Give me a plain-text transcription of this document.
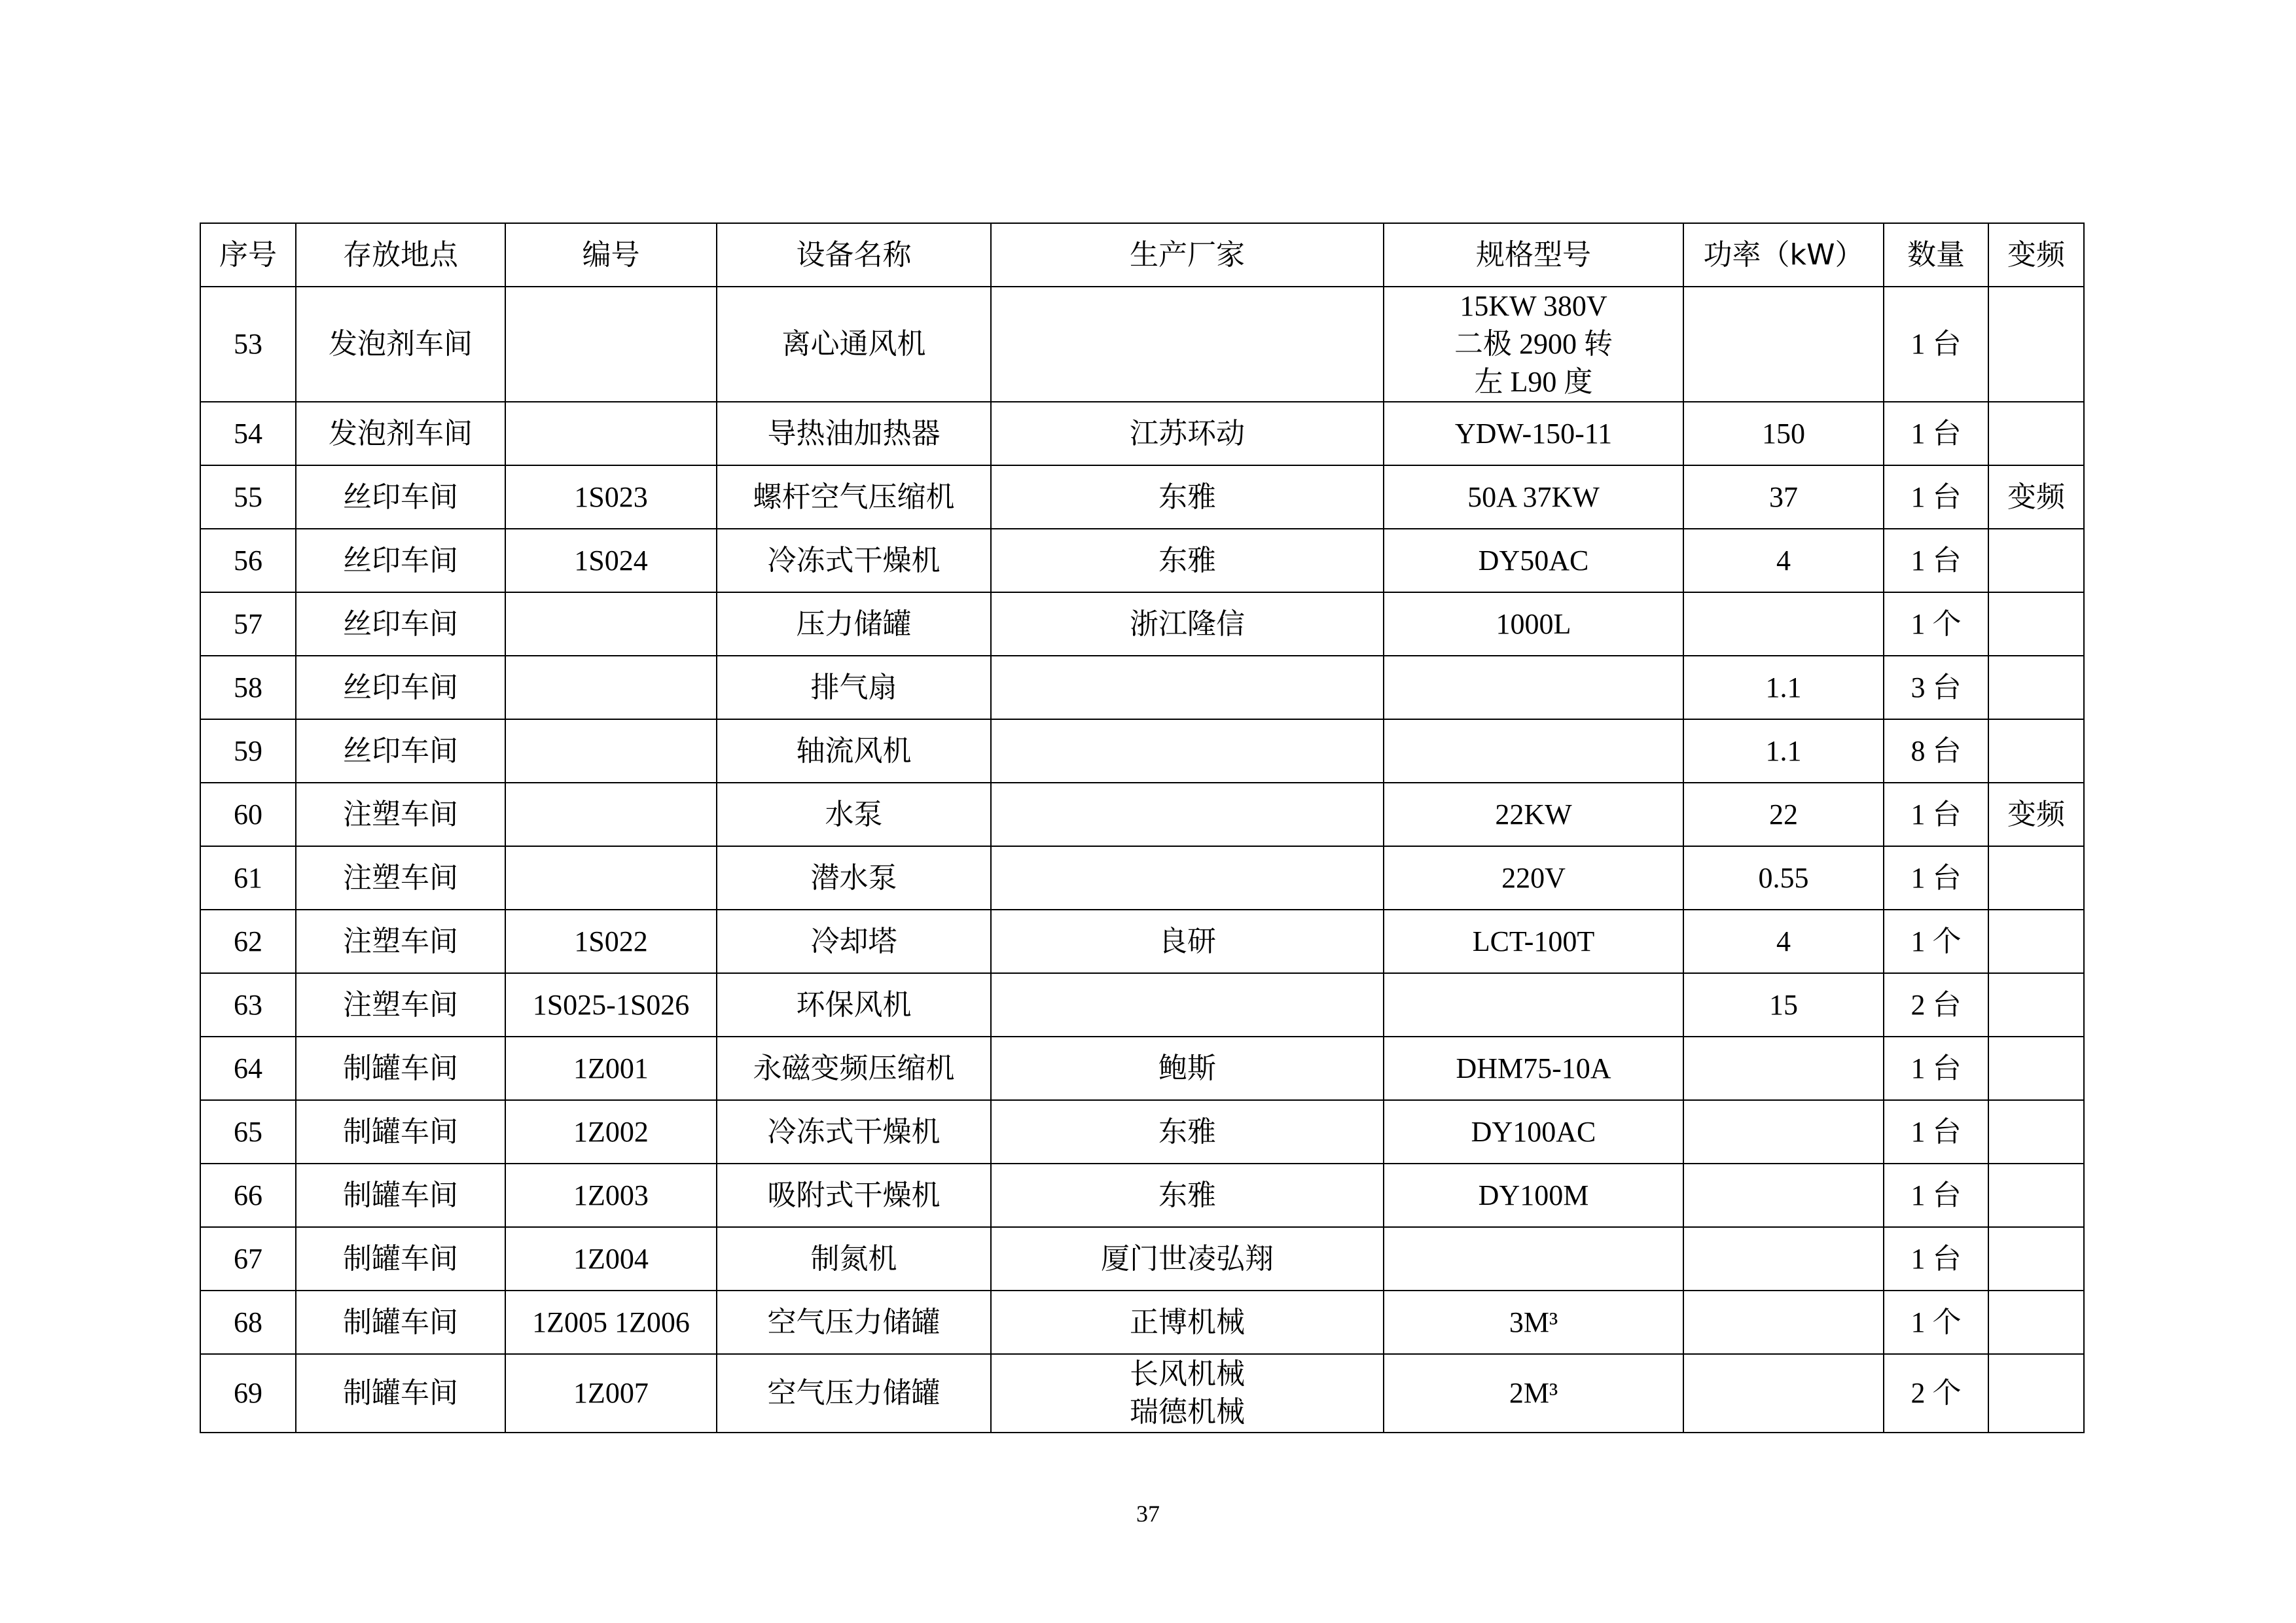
序号	存放地点	编号	设备名称	生产厂家	规格型号	功率（kW）	数量	变频

53	发泡剂车间		离心通风机		15KW 380V
二极 2900 转
左 L90 度		1 台	

54	发泡剂车间		导热油加热器	江苏环动	YDW-150-11	150	1 台	

55	丝印车间	1S023	螺杆空气压缩机	东雅	50A 37KW	37	1 台	变频

56	丝印车间	1S024	冷冻式干燥机	东雅	DY50AC	4	1 台	

57	丝印车间		压力储罐	浙江隆信	1000L		1 个	

58	丝印车间		排气扇			1.1	3 台	

59	丝印车间		轴流风机			1.1	8 台	

60	注塑车间		水泵		22KW	22	1 台	变频

61	注塑车间		潜水泵		220V	0.55	1 台	

62	注塑车间	1S022	冷却塔	良研	LCT-100T	4	1 个	

63	注塑车间	1S025-1S026	环保风机			15	2 台	

64	制罐车间	1Z001	永磁变频压缩机	鲍斯	DHM75-10A		1 台	

65	制罐车间	1Z002	冷冻式干燥机	东雅	DY100AC		1 台	

66	制罐车间	1Z003	吸附式干燥机	东雅	DY100M		1 台	

67	制罐车间	1Z004	制氮机	厦门世凌弘翔			1 台	

68	制罐车间	1Z005 1Z006	空气压力储罐	正博机械	3M³		1 个	

69	制罐车间	1Z007	空气压力储罐	长风机械
瑞德机械	2M³		2 个	

37
